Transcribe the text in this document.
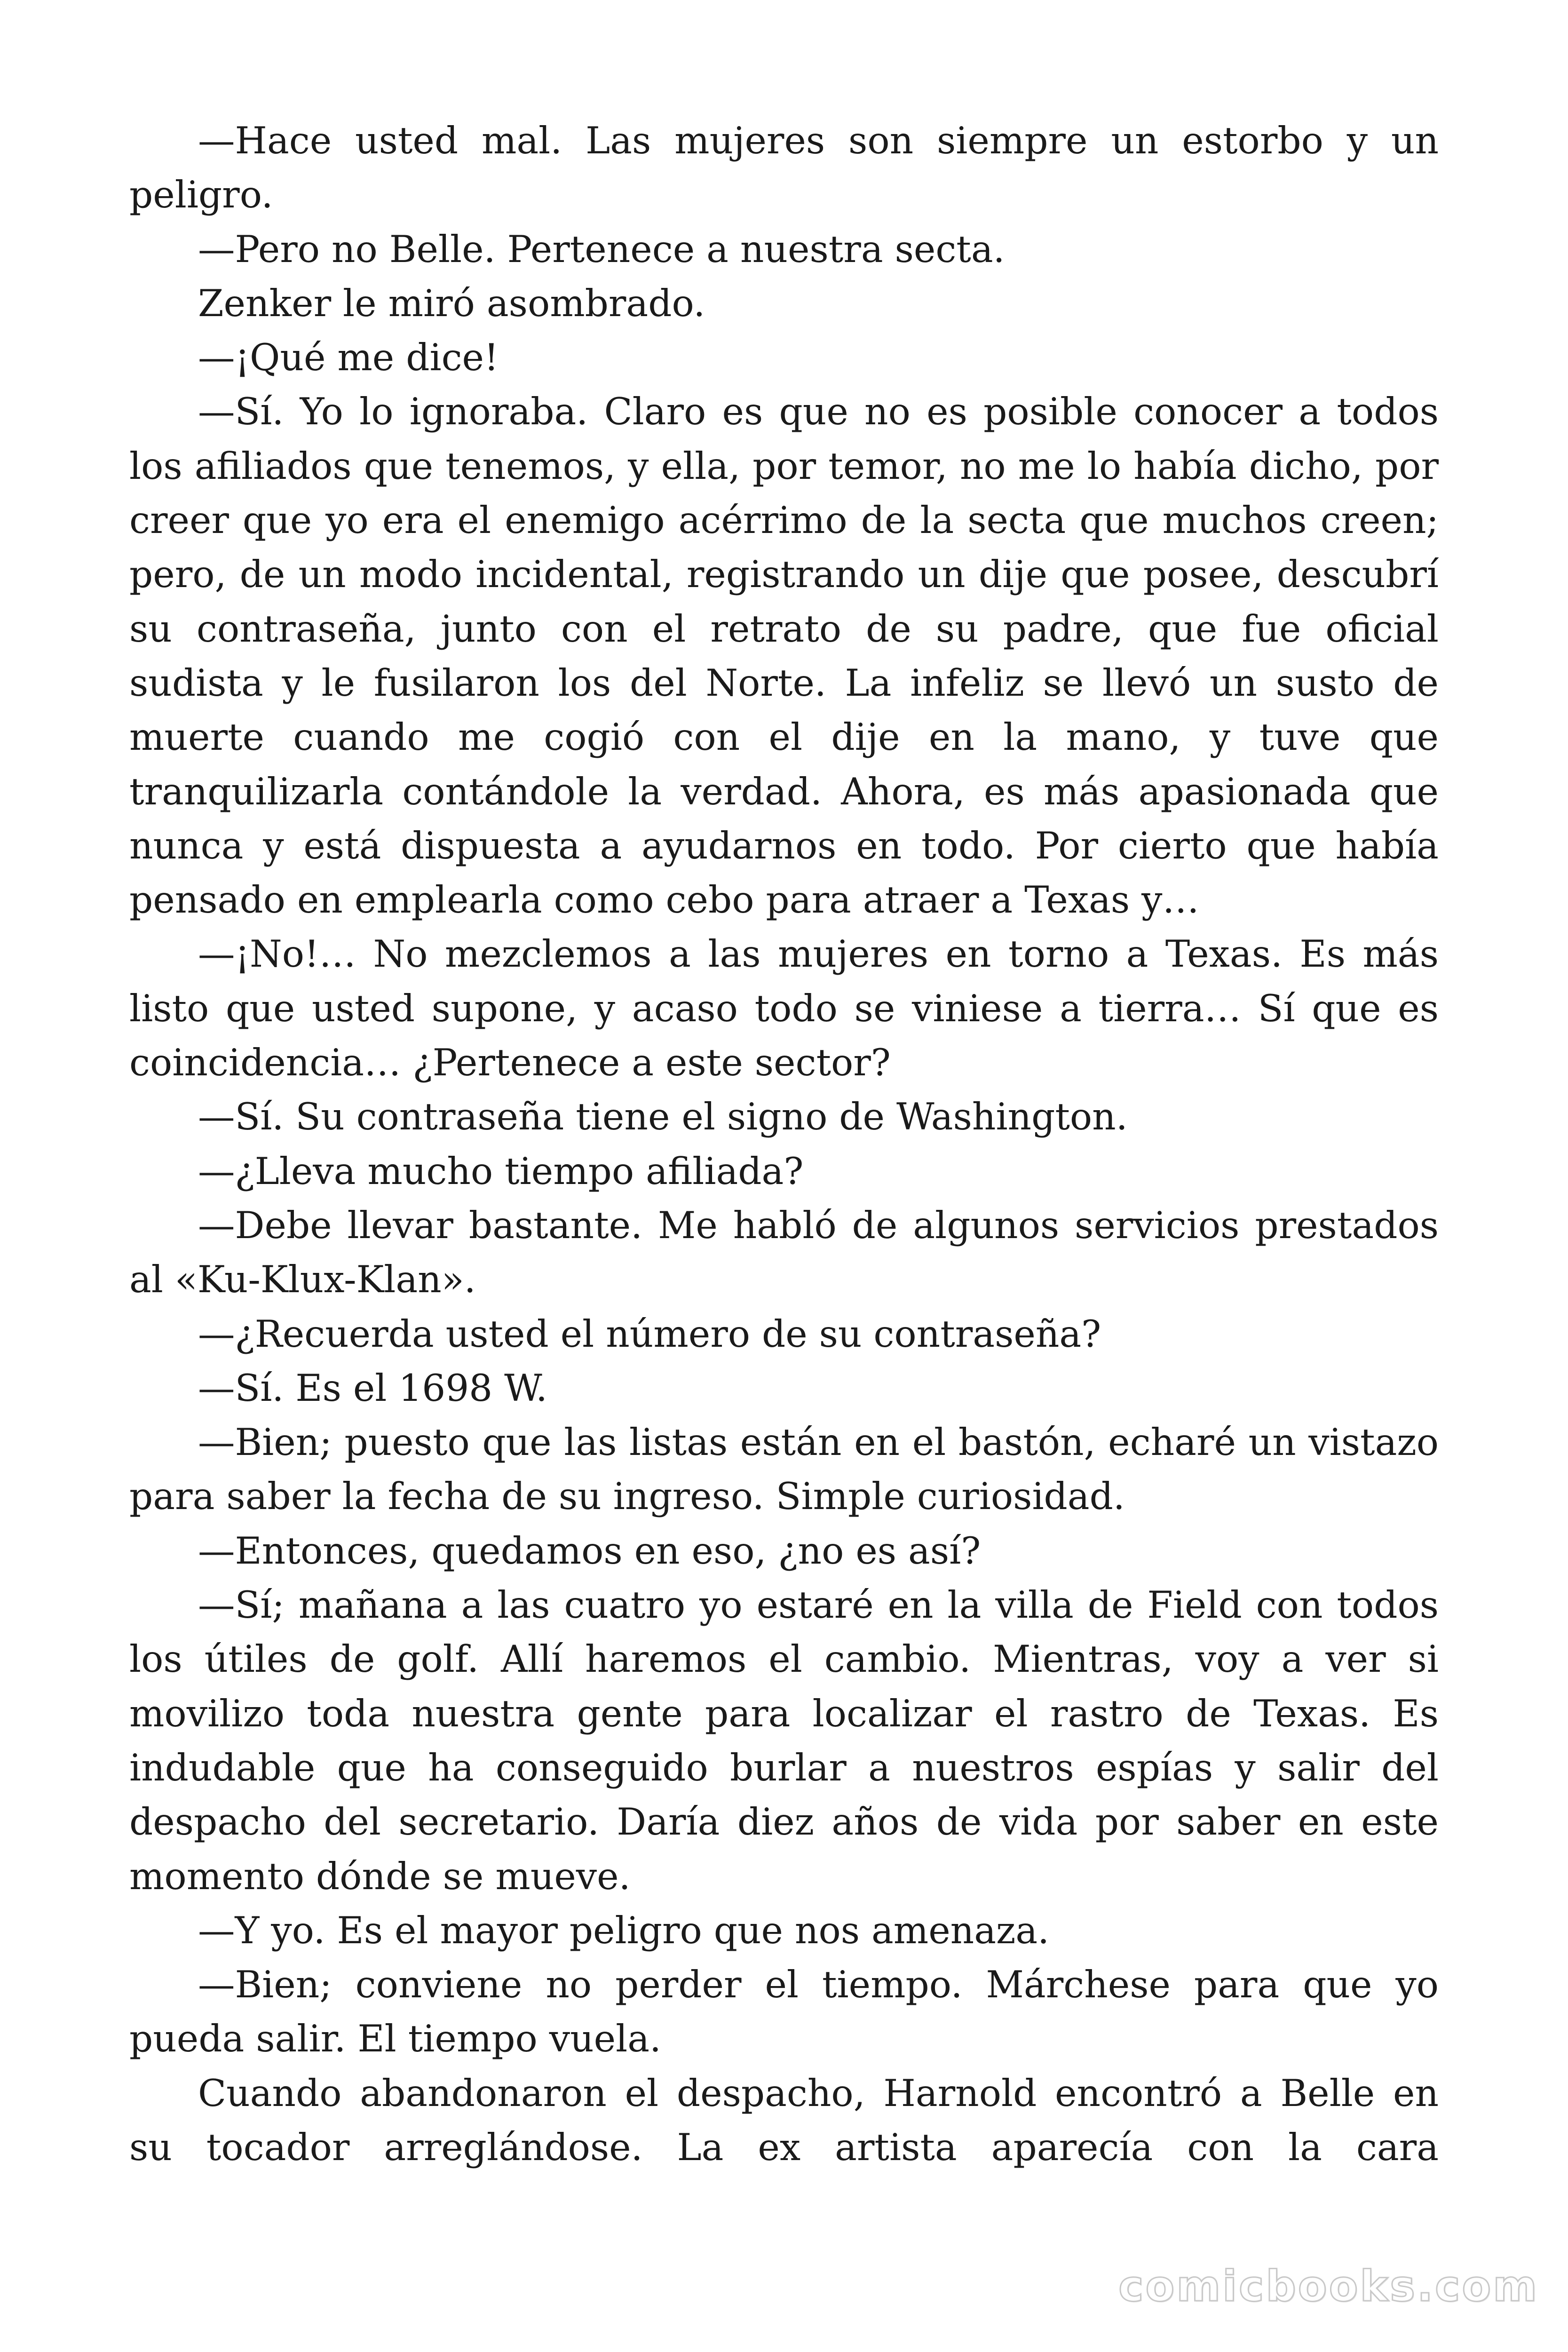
—Hace usted mal. Las mujeres son siempre un estorbo y un peligro.

—Pero no Belle. Pertenece a nuestra secta.

Zenker le miró asombrado.

—¡Qué me dice!

—Sí. Yo lo ignoraba. Claro es que no es posible conocer a todos los afiliados que tenemos, y ella, por temor, no me lo había dicho, por creer que yo era el enemigo acérrimo de la secta que muchos creen; pero, de un modo incidental, registrando un dije que posee, descubrí su contraseña, junto con el retrato de su padre, que fue oficial sudista y le fusilaron los del Norte. La infeliz se llevó un susto de muerte cuando me cogió con el dije en la mano, y tuve que tranquilizarla contándole la verdad. Ahora, es más apasionada que nunca y está dispuesta a ayudarnos en todo. Por cierto que había pensado en emplearla como cebo para atraer a Texas y…

—¡No!… No mezclemos a las mujeres en torno a Texas. Es más listo que usted supone, y acaso todo se viniese a tierra… Sí que es coincidencia… ¿Pertenece a este sector?

—Sí. Su contraseña tiene el signo de Washington.

—¿Lleva mucho tiempo afiliada?

—Debe llevar bastante. Me habló de algunos servicios prestados al «Ku-Klux-Klan».

—¿Recuerda usted el número de su contraseña?

—Sí. Es el 1698 W.

—Bien; puesto que las listas están en el bastón, echaré un vistazo para saber la fecha de su ingreso. Simple curiosidad.

—Entonces, quedamos en eso, ¿no es así?

—Sí; mañana a las cuatro yo estaré en la villa de Field con todos los útiles de golf. Allí haremos el cambio. Mientras, voy a ver si movilizo toda nuestra gente para localizar el rastro de Texas. Es indudable que ha conseguido burlar a nuestros espías y salir del despacho del secretario. Daría diez años de vida por saber en este momento dónde se mueve.

—Y yo. Es el mayor peligro que nos amenaza.

—Bien; conviene no perder el tiempo. Márchese para que yo pueda salir. El tiempo vuela.

Cuando abandonaron el despacho, Harnold encontró a Belle en su tocador arreglándose. La ex artista aparecía con la cara

comicbooks.com
